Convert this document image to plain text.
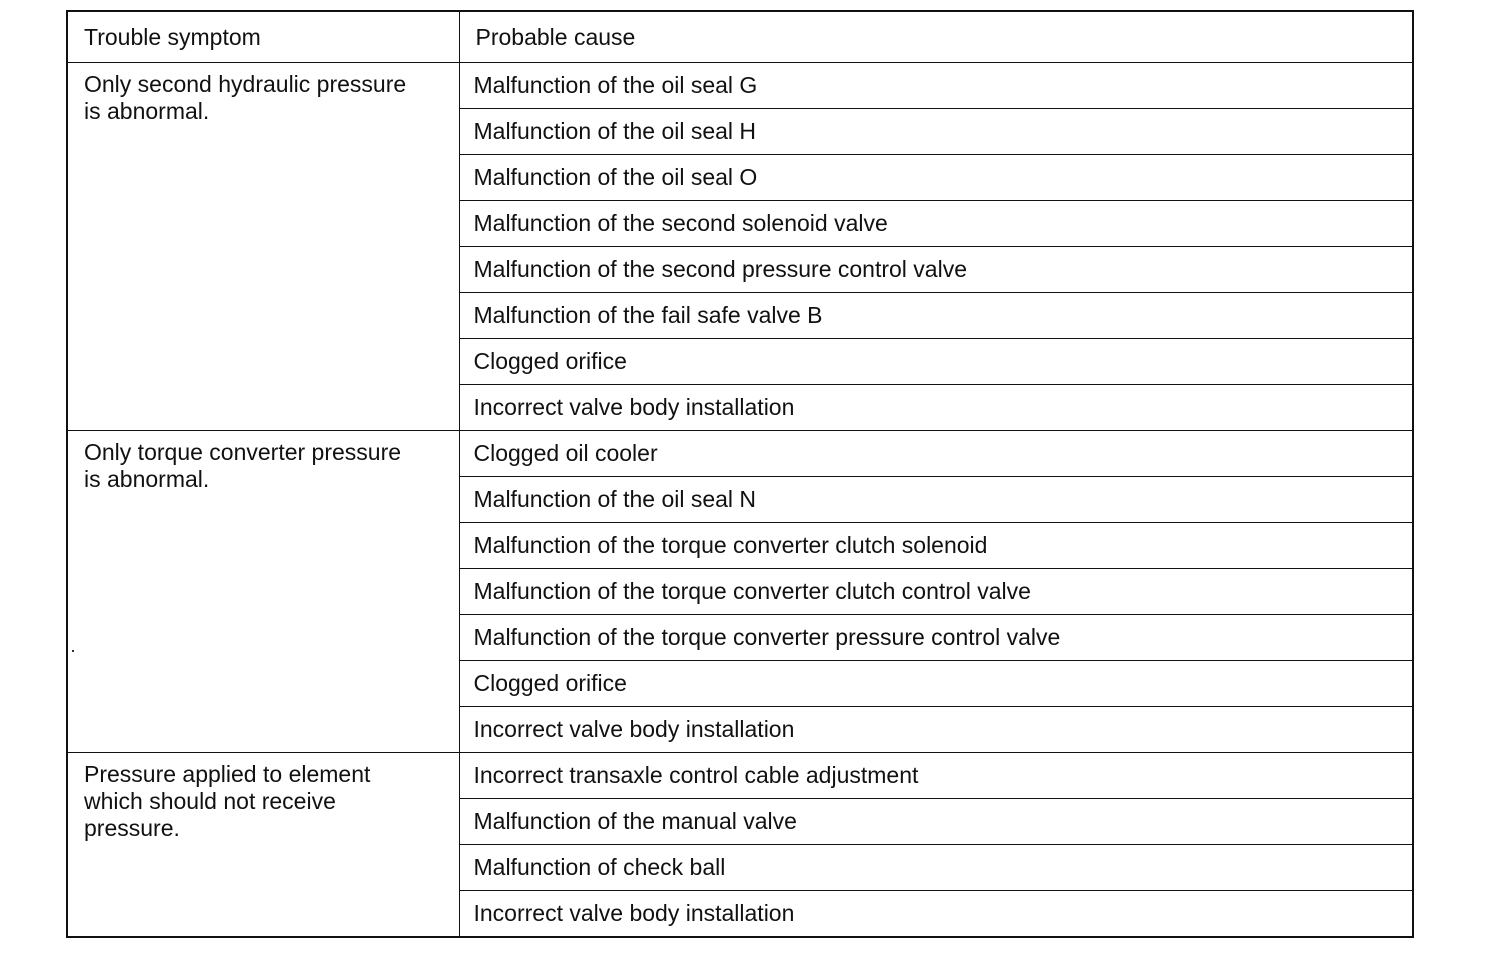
Trouble symptom	Probable cause
Only second hydraulic pressure
is abnormal.	Malfunction of the oil seal G
	Malfunction of the oil seal H
	Malfunction of the oil seal O
	Malfunction of the second solenoid valve
	Malfunction of the second pressure control valve
	Malfunction of the fail safe valve B
	Clogged orifice
	Incorrect valve body installation
Only torque converter pressure
is abnormal.	Clogged oil cooler
	Malfunction of the oil seal N
	Malfunction of the torque converter clutch solenoid
	Malfunction of the torque converter clutch control valve
	Malfunction of the torque converter pressure control valve
	Clogged orifice
	Incorrect valve body installation
Pressure applied to element
which should not receive
pressure.	Incorrect transaxle control cable adjustment
	Malfunction of the manual valve
	Malfunction of check ball
	Incorrect valve body installation
